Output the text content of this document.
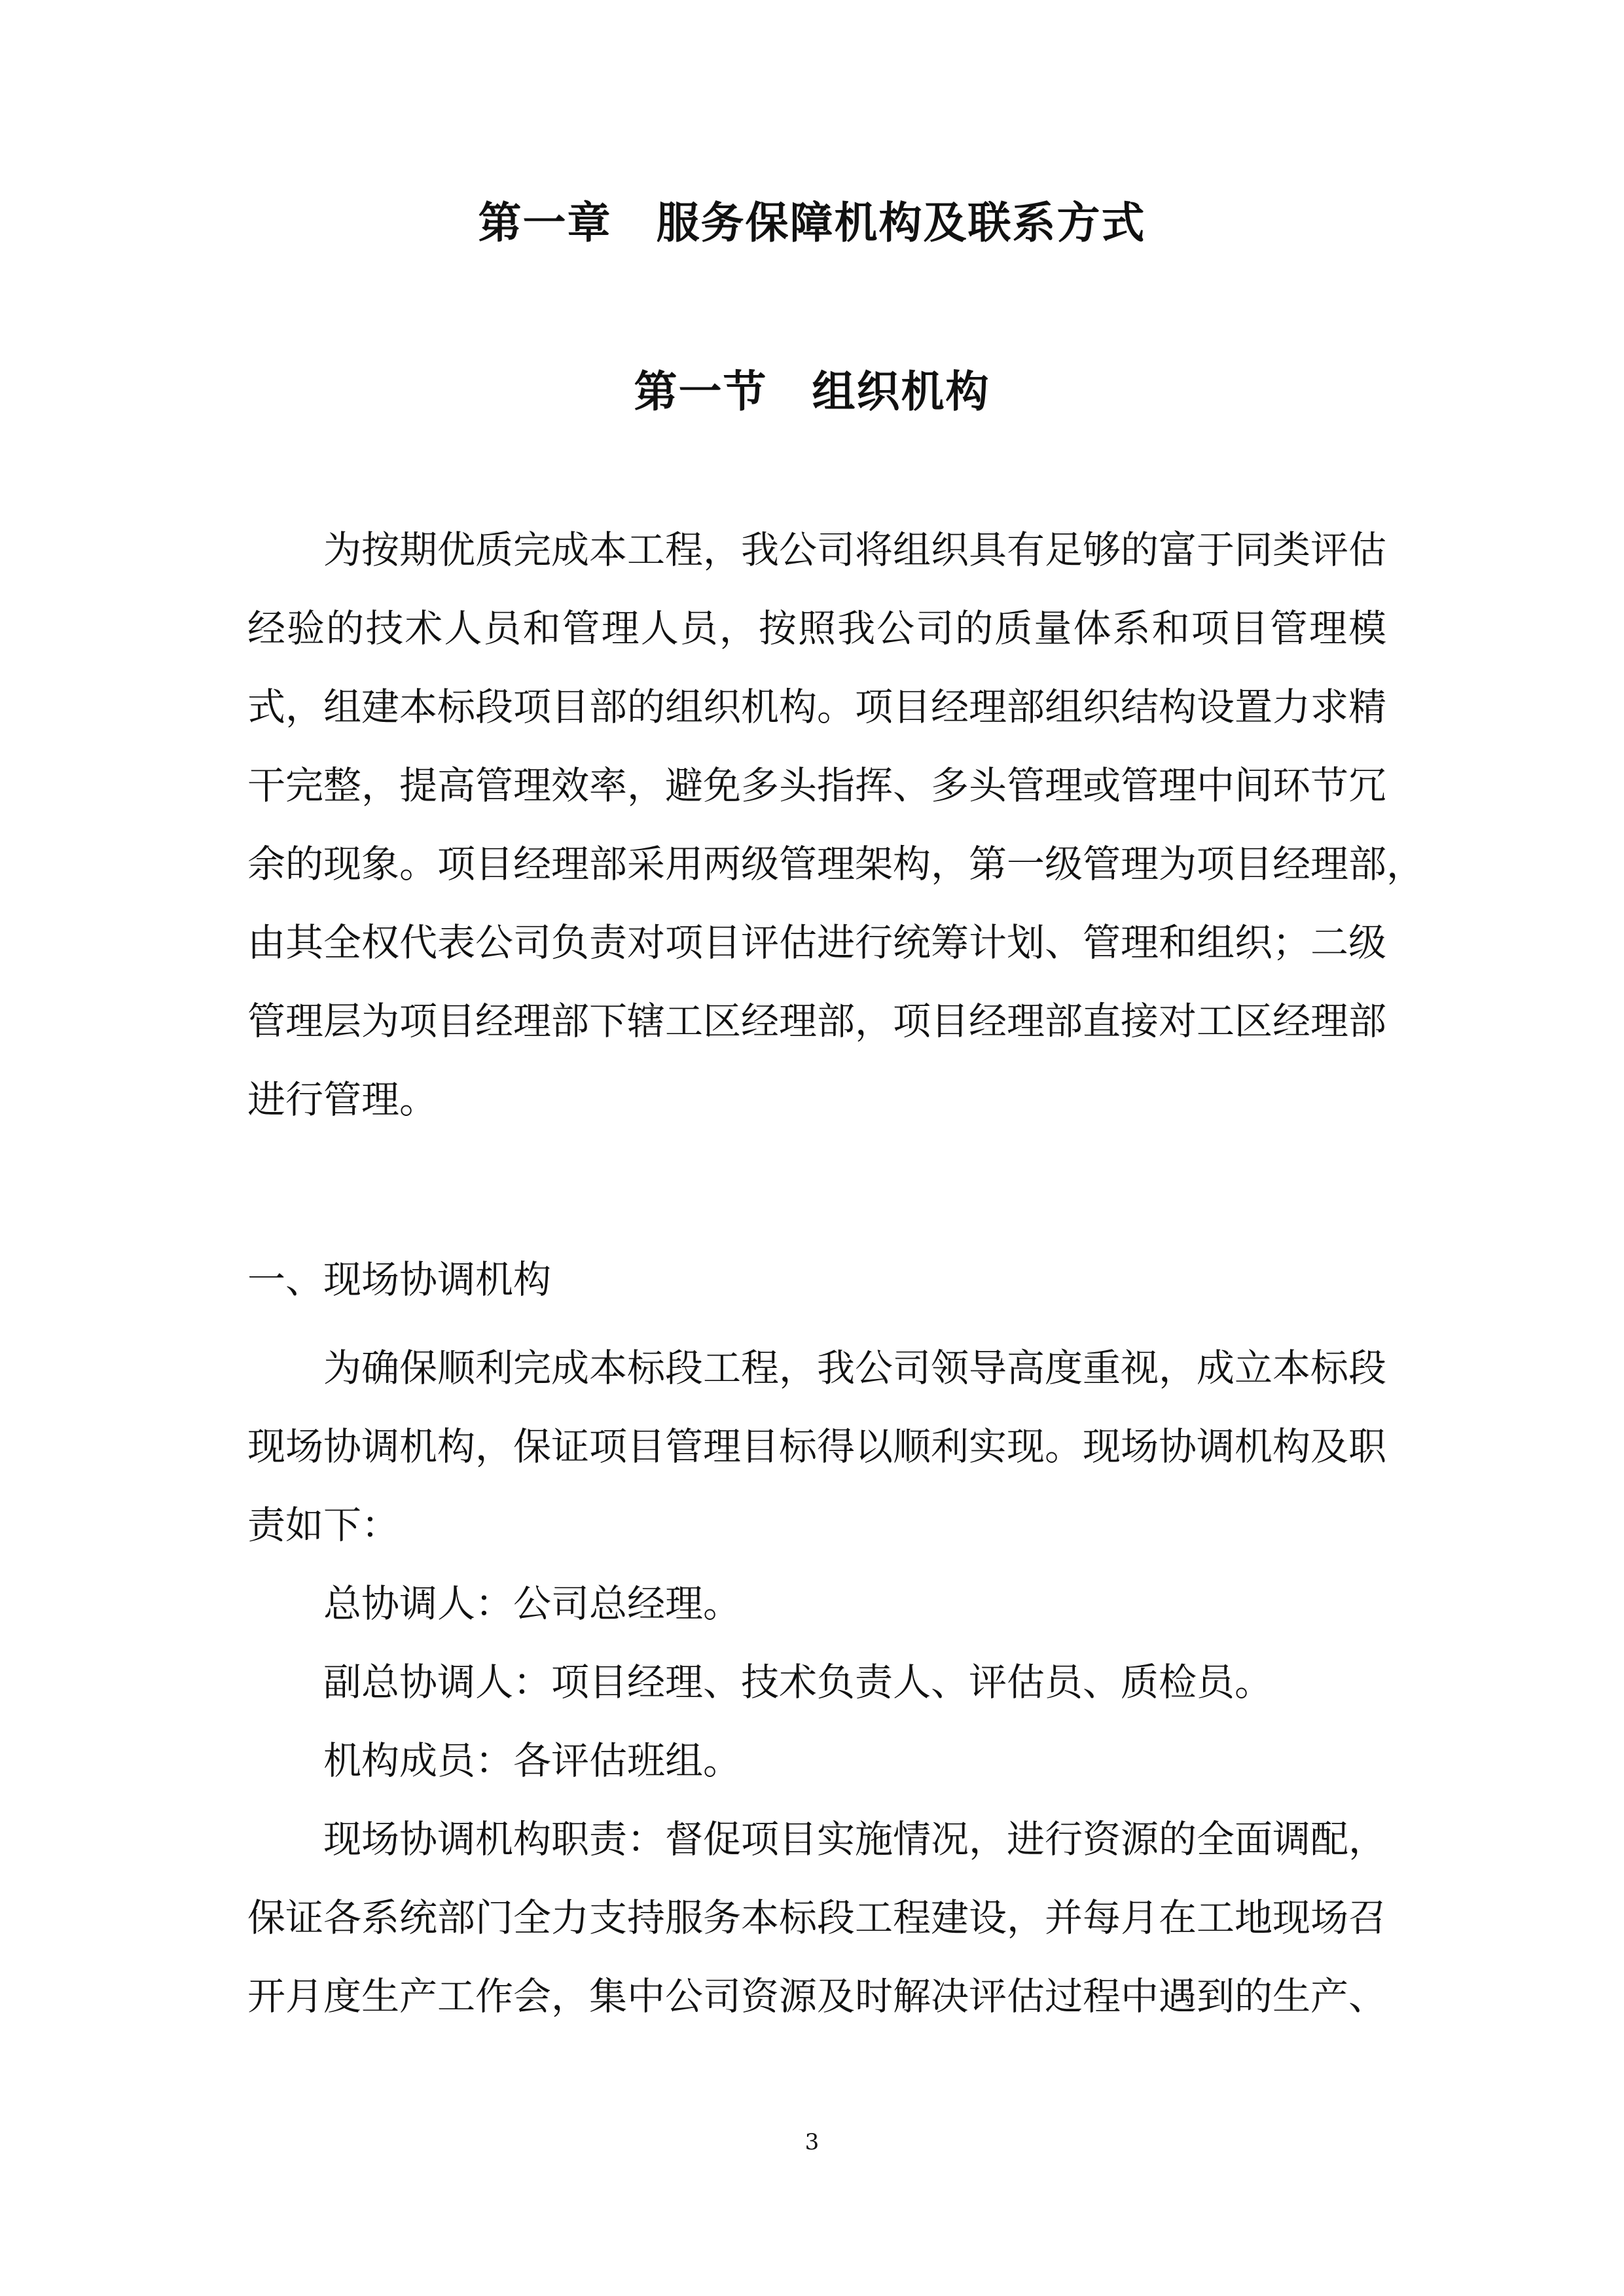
第一章　服务保障机构及联系方式
第一节　组织机构
　　为按期优质完成本工程，我公司将组织具有足够的富于同类评估
经验的技术人员和管理人员，按照我公司的质量体系和项目管理模
式，组建本标段项目部的组织机构。项目经理部组织结构设置力求精
干完整，提高管理效率，避免多头指挥、多头管理或管理中间环节冗
余的现象。项目经理部采用两级管理架构，第一级管理为项目经理部，
由其全权代表公司负责对项目评估进行统筹计划、管理和组织；二级
管理层为项目经理部下辖工区经理部，项目经理部直接对工区经理部
进行管理。
一、现场协调机构
　　为确保顺利完成本标段工程，我公司领导高度重视，成立本标段
现场协调机构，保证项目管理目标得以顺利实现。现场协调机构及职
责如下：
　　总协调人：公司总经理。
　　副总协调人：项目经理、技术负责人、评估员、质检员。
　　机构成员：各评估班组。
　　现场协调机构职责：督促项目实施情况，进行资源的全面调配，
保证各系统部门全力支持服务本标段工程建设，并每月在工地现场召
开月度生产工作会，集中公司资源及时解决评估过程中遇到的生产、
3
